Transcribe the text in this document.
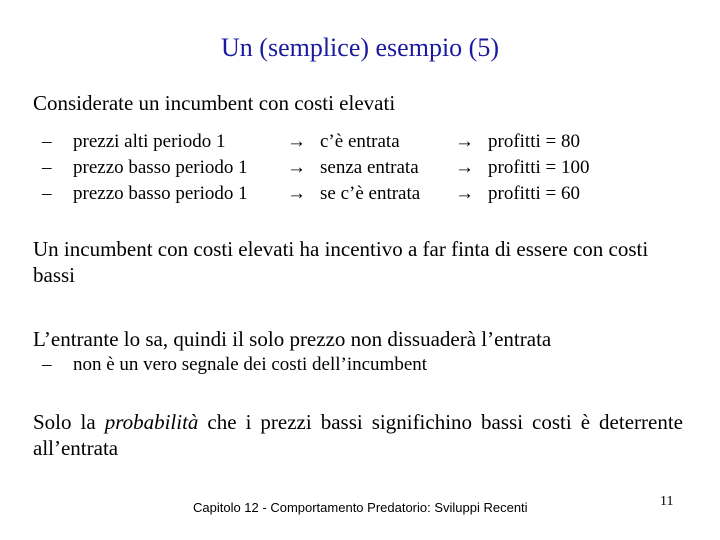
Un (semplice) esempio (5)
Considerate un incumbent con costi elevati
– prezzi alti periodo 1	→ c’è entrata	→ profitti = 80
– prezzo basso periodo 1 → senza entrata → profitti = 100
– prezzo basso periodo 1 → se c’è entrata → profitti = 60
Un incumbent con costi elevati ha incentivo a far finta di essere con costi bassi
L’entrante lo sa, quindi il solo prezzo non dissuaderà l’entrata
– non è un vero segnale dei costi dell’incumbent
Solo la probabilità che i prezzi bassi significhino bassi costi è deterrente all’entrata
Capitolo 12 - Comportamento Predatorio: Sviluppi Recenti	11
